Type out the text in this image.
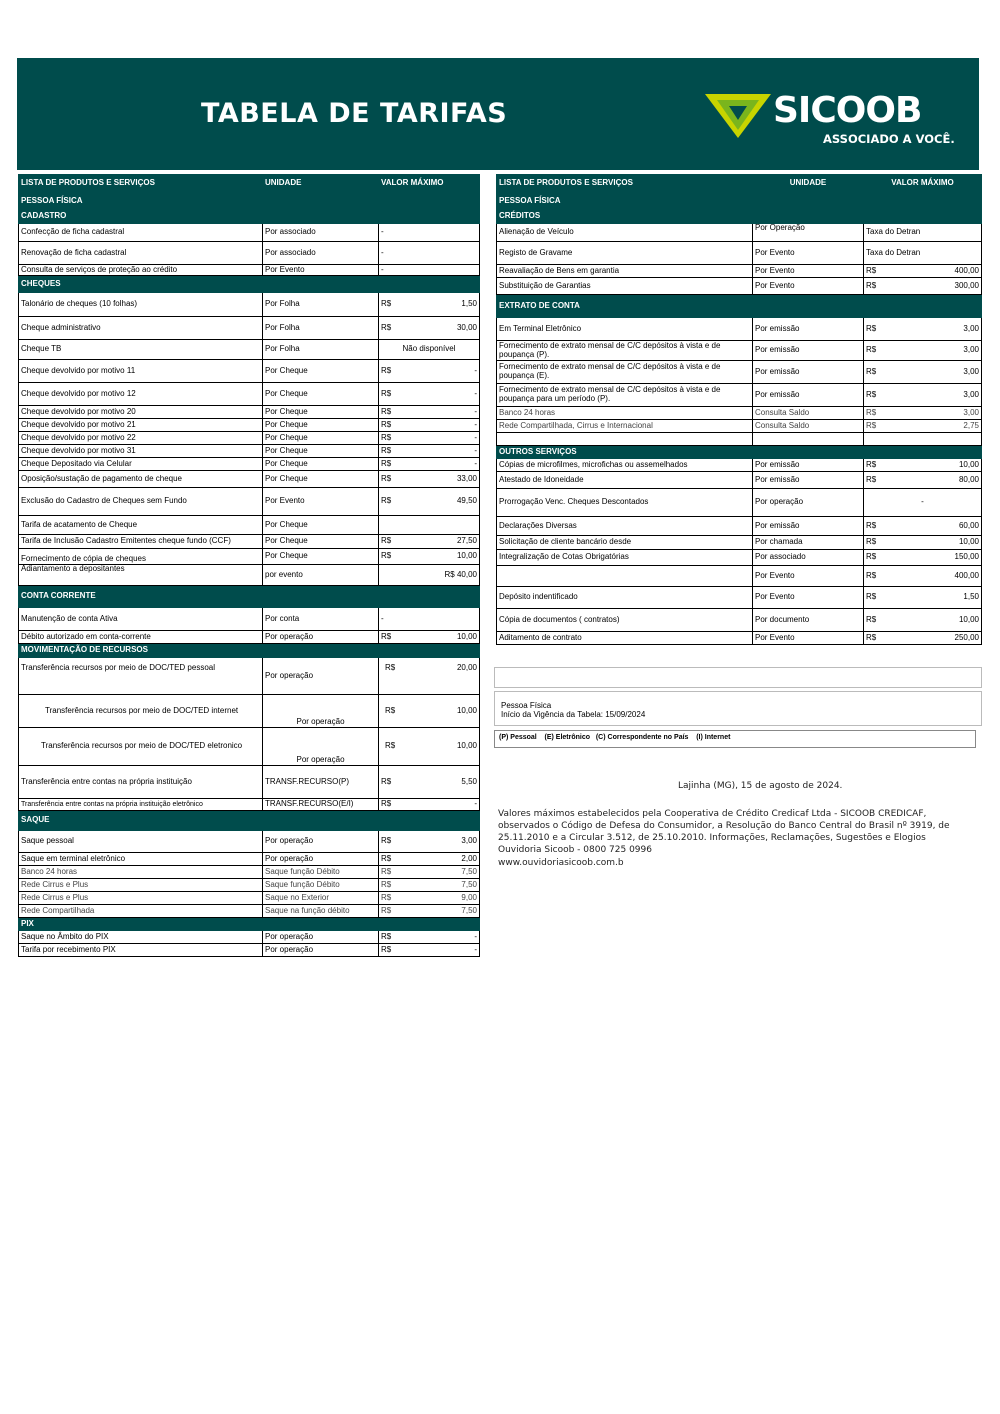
TABELA DE TARIFAS	SICOOB
ASSOCIADO A VOCÊ.
LISTA DE PRODUTOS E SERVIÇOS	UNIDADE	VALOR MÁXIMO
PESSOA FÍSICA		
CADASTRO		
Confecção de ficha cadastral	Por associado	-
Renovação de ficha cadastral	Por associado	-
Consulta de serviços de proteção ao crédito	Por Evento	-
CHEQUES		
Talonário de cheques (10 folhas)	Por Folha	R$ 1,50

Cheque administrativo	Por Folha	R$ 30,00

Cheque TB	Por Folha	Não disponível
Cheque devolvido por motivo 11	Por Cheque	R$ -

Cheque devolvido por motivo 12	Por Cheque	R$ -

Cheque devolvido por motivo 20	Por Cheque	R$ -

Cheque devolvido por motivo 21	Por Cheque	R$ -

Cheque devolvido por motivo 22	Por Cheque	R$ -

Cheque devolvido por motivo 31	Por Cheque	R$ -

Cheque Depositado via Celular	Por Cheque	R$ -

Oposição/sustação de pagamento de cheque	Por Cheque	R$ 33,00

Exclusão do Cadastro de Cheques sem Fundo	Por Evento	R$ 49,50

Tarifa de acatamento de Cheque	Por Cheque	
Tarifa de Inclusão Cadastro Emitentes cheque fundo (CCF)	Por Cheque	R$ 27,50

Fornecimento de cópia de cheques	Por Cheque	R$ 10,00

Adiantamento a depositantes	por evento	R$ 40,00
CONTA CORRENTE		
Manutenção de conta Ativa	Por conta	-
Débito autorizado em conta-corrente	Por operação	R$ 10,00

MOVIMENTAÇÃO DE RECURSOS		
Transferência recursos por meio de DOC/TED pessoal	Por operação	R$ 20,00

Transferência recursos por meio de DOC/TED internet	Por operação	R$ 10,00

Transferência recursos por meio de DOC/TED eletronico	Por operação	R$ 10,00

Transferência entre contas na própria instituição	TRANSF.RECURSO(P)	R$ 5,50

Transferência entre contas na própria instituição eletrônico	TRANSF.RECURSO(E/I)	R$ -

SAQUE		
Saque pessoal	Por operação	R$ 3,00

Saque em terminal eletrônico	Por operação	R$ 2,00

Banco 24 horas	Saque função Débito	R$ 7,50

Rede Cirrus e Plus	Saque função Débito	R$ 7,50

Rede Cirrus e Plus	Saque no Exterior	R$ 9,00

Rede Compartilhada	Saque na função débito	R$ 7,50

PIX		
Saque no Âmbito do PIX	Por operação	R$ -

Tarifa por recebimento PIX	Por operação	R$ -
LISTA DE PRODUTOS E SERVIÇOS	UNIDADE	VALOR MÁXIMO
PESSOA FÍSICA		
CRÉDITOS		
Alienação de Veículo	Por Operação	Taxa do Detran
Registo de Gravame	Por Evento	Taxa do Detran
Reavaliação de Bens em garantia	Por Evento	R$ 400,00

Substituição de Garantias	Por Evento	R$ 300,00

EXTRATO DE CONTA		
Em Terminal Eletrônico	Por emissão	R$ 3,00

Fornecimento de extrato mensal de C/C depósitos à vista e de poupança (P).	Por emissão	R$ 3,00

Fornecimento de extrato mensal de C/C depósitos à vista e de poupança (E).	Por emissão	R$ 3,00

Fornecimento de extrato mensal de C/C depósitos à vista e de poupança para um período (P).	Por emissão	R$ 3,00

Banco 24 horas	Consulta Saldo	R$ 3,00

Rede Compartilhada, Cirrus e Internacional	Consulta Saldo	R$ 2,75

OUTROS SERVIÇOS		
Cópias de microfilmes, microfichas ou assemelhados	Por emissão	R$ 10,00

Atestado de Idoneidade	Por emissão	R$ 80,00

Prorrogação Venc. Cheques Descontados	Por operação	-
Declarações Diversas	Por emissão	R$ 60,00

Solicitação de cliente bancário desde	Por chamada	R$ 10,00

Integralização de Cotas Obrigatórias	Por associado	R$ 150,00

	Por Evento	R$ 400,00

Depósito indentificado	Por Evento	R$ 1,50

Cópia de documentos ( contratos)	Por documento	R$ 10,00

Aditamento de contrato	Por Evento	R$ 250,00
Pessoa Física
Início da Vigência da Tabela: 15/09/2024
(P) Pessoal    (E) Eletrônico   (C) Correspondente no País    (I) Internet
Lajinha (MG), 15 de agosto de 2024.
Valores máximos estabelecidos pela Cooperativa de Crédito Credicaf Ltda - SICOOB CREDICAF, observados o Código de Defesa do Consumidor, a Resolução do Banco Central do Brasil nº 3919, de 25.11.2010 e a Circular 3.512, de 25.10.2010. Informações, Reclamações, Sugestões e Elogios Ouvidoria Sicoob - 0800 725 0996
www.ouvidoriasicoob.com.b
